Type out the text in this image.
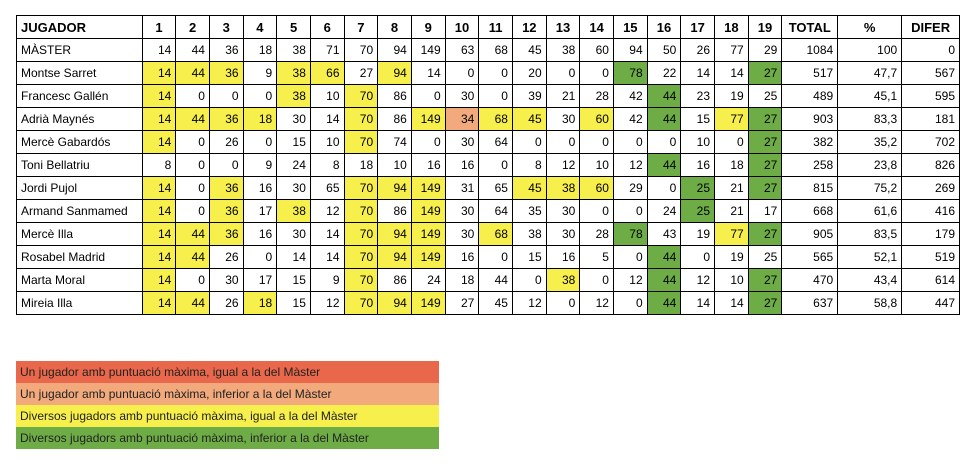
JUGADOR	1	2	3	4	5	6	7	8	9	10	11	12	13	14	15	16	17	18	19	TOTAL	%	DIFER
MÀSTER	14	44	36	18	38	71	70	94	149	63	68	45	38	60	94	50	26	77	29	1084	100	0
Montse Sarret	14	44	36	9	38	66	27	94	14	0	0	20	0	0	78	22	14	14	27	517	47,7	567
Francesc Gallén	14	0	0	0	38	10	70	86	0	30	0	39	21	28	42	44	23	19	25	489	45,1	595
Adrià Maynés	14	44	36	18	30	14	70	86	149	34	68	45	30	60	42	44	15	77	27	903	83,3	181
Mercè Gabardós	14	0	26	0	15	10	70	74	0	30	64	0	0	0	0	0	10	0	27	382	35,2	702
Toni Bellatriu	8	0	0	9	24	8	18	10	16	16	0	8	12	10	12	44	16	18	27	258	23,8	826
Jordi Pujol	14	0	36	16	30	65	70	94	149	31	65	45	38	60	29	0	25	21	27	815	75,2	269
Armand Sanmamed	14	0	36	17	38	12	70	86	149	30	64	35	30	0	0	24	25	21	17	668	61,6	416
Mercè Illa	14	44	36	16	30	14	70	94	149	30	68	38	30	28	78	43	19	77	27	905	83,5	179
Rosabel Madrid	14	44	26	0	14	14	70	94	149	16	0	15	16	5	0	44	0	19	25	565	52,1	519
Marta Moral	14	0	30	17	15	9	70	86	24	18	44	0	38	0	12	44	12	10	27	470	43,4	614
Mireia Illa	14	44	26	18	15	12	70	94	149	27	45	12	0	12	0	44	14	14	27	637	58,8	447
Un jugador amb puntuació màxima, igual a la del Màster
Un jugador amb puntuació màxima, inferior a la del Màster
Diversos jugadors amb puntuació màxima, igual a la del Màster
Diversos jugadors amb puntuació màxima, inferior a la del Màster
